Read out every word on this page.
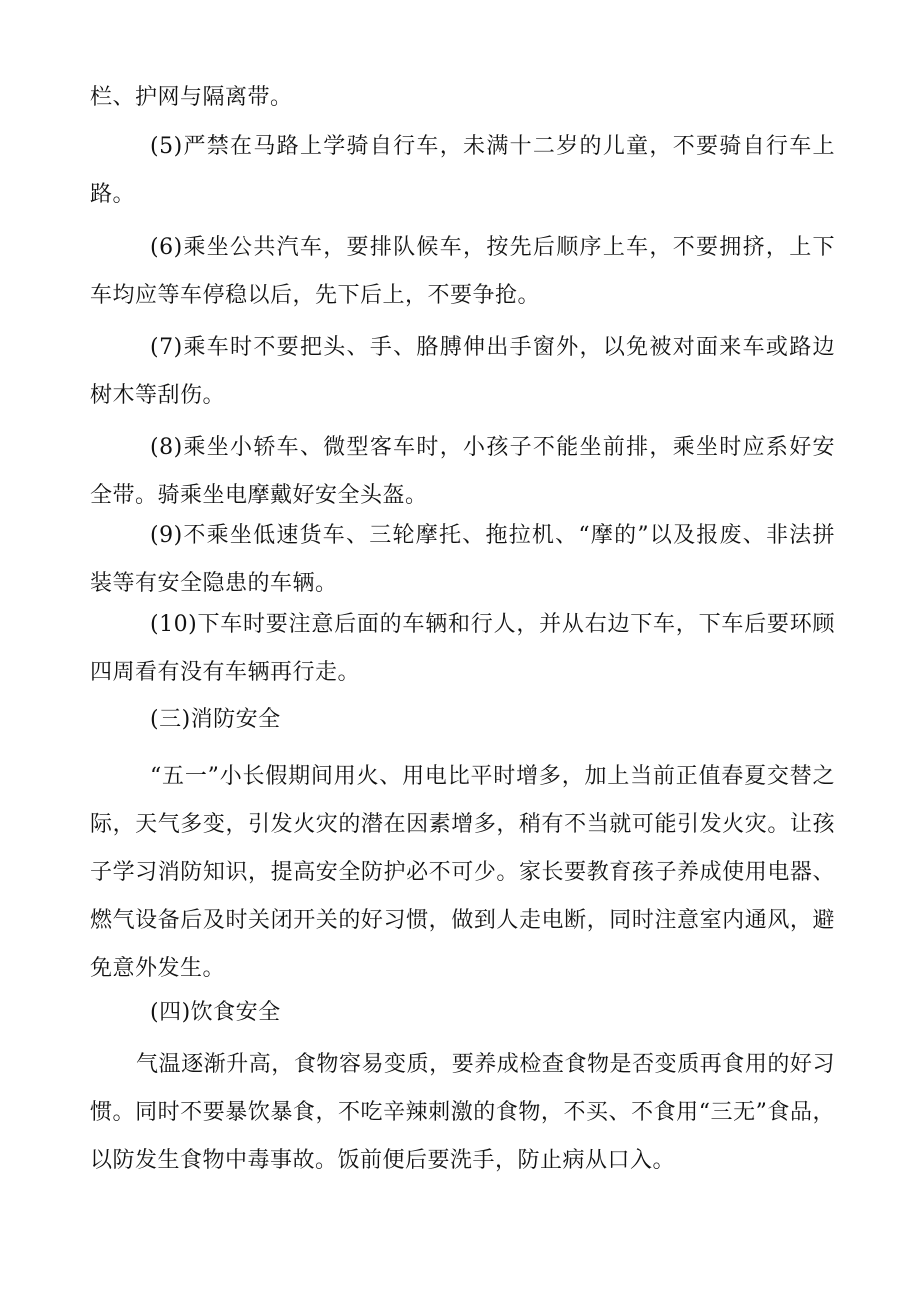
栏、护网与隔离带。

(5)严禁在马路上学骑自行车，未满十二岁的儿童，不要骑自行车上路。

(6)乘坐公共汽车，要排队候车，按先后顺序上车，不要拥挤，上下车均应等车停稳以后，先下后上，不要争抢。

(7)乘车时不要把头、手、胳膊伸出手窗外，以免被对面来车或路边树木等刮伤。

(8)乘坐小轿车、微型客车时，小孩子不能坐前排，乘坐时应系好安全带。骑乘坐电摩戴好安全头盔。

(9)不乘坐低速货车、三轮摩托、拖拉机、“摩的”以及报废、非法拼装等有安全隐患的车辆。

(10)下车时要注意后面的车辆和行人，并从右边下车，下车后要环顾四周看有没有车辆再行走。

(三)消防安全

“五一”小长假期间用火、用电比平时增多，加上当前正值春夏交替之际，天气多变，引发火灾的潜在因素增多，稍有不当就可能引发火灾。让孩子学习消防知识，提高安全防护必不可少。家长要教育孩子养成使用电器、燃气设备后及时关闭开关的好习惯，做到人走电断，同时注意室内通风，避免意外发生。

(四)饮食安全

气温逐渐升高，食物容易变质，要养成检查食物是否变质再食用的好习惯。同时不要暴饮暴食，不吃辛辣刺激的食物，不买、不食用“三无”食品，以防发生食物中毒事故。饭前便后要洗手，防止病从口入。
